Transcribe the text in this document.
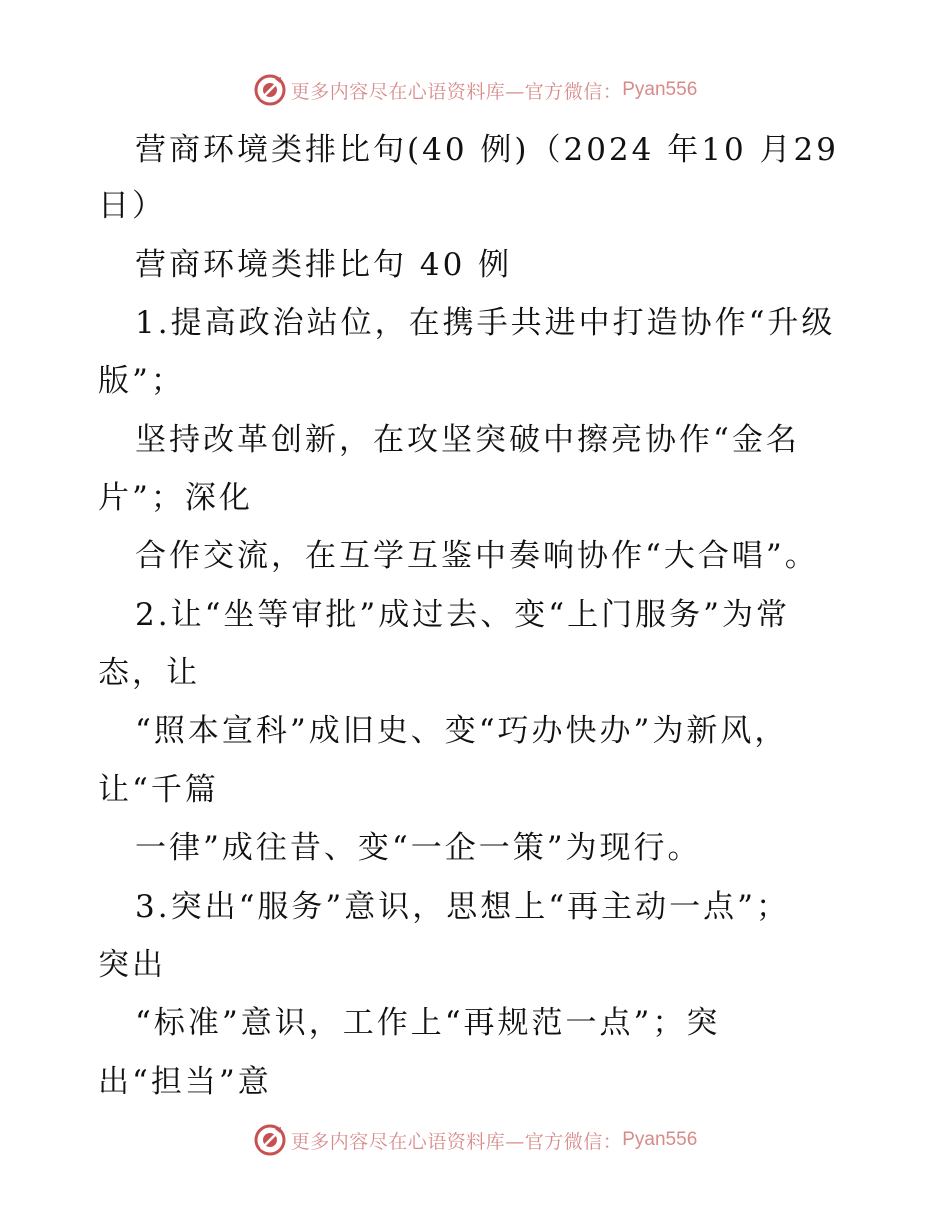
更多内容尽在心语资料库—官方微信： Pyan556
营商环境类排比句(40 例)（2024 年10 月29
日）
营商环境类排比句 40 例
1.提高政治站位，在携手共进中打造协作“升级
版”；
坚持改革创新，在攻坚突破中擦亮协作“金名
片”；深化
合作交流，在互学互鉴中奏响协作“大合唱”。
2.让“坐等审批”成过去、变“上门服务”为常
态，让
“照本宣科”成旧史、变“巧办快办”为新风，
让“千篇
一律”成往昔、变“一企一策”为现行。
3.突出“服务”意识，思想上“再主动一点”；
突出
“标准”意识，工作上“再规范一点”；突
出“担当”意
更多内容尽在心语资料库—官方微信： Pyan556
